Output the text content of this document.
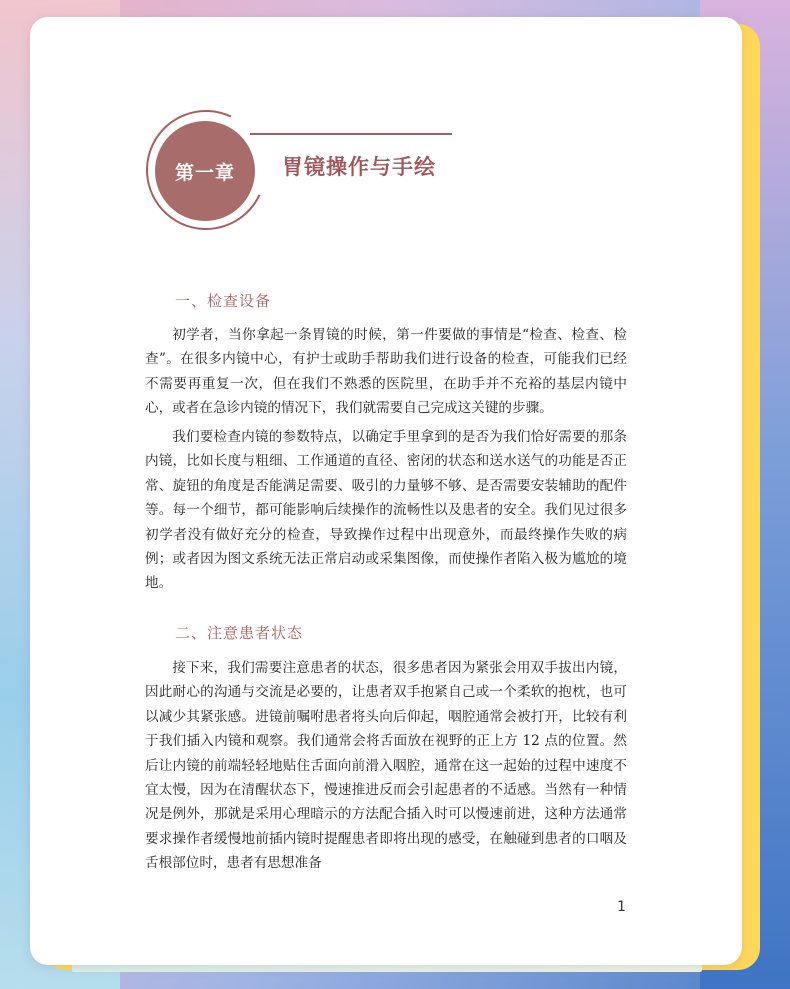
第一章 胃镜操作与手绘
一、检查设备

初学者，当你拿起一条胃镜的时候，第一件要做的事情是“检查、检查、检查”。在很多内镜中心，有护士或助手帮助我们进行设备的检查，可能我们已经不需要再重复一次，但在我们不熟悉的医院里，在助手并不充裕的基层内镜中心，或者在急诊内镜的情况下，我们就需要自己完成这关键的步骤。

我们要检查内镜的参数特点，以确定手里拿到的是否为我们恰好需要的那条内镜，比如长度与粗细、工作通道的直径、密闭的状态和送水送气的功能是否正常、旋钮的角度是否能满足需要、吸引的力量够不够、是否需要安装辅助的配件等。每一个细节，都可能影响后续操作的流畅性以及患者的安全。我们见过很多初学者没有做好充分的检查，导致操作过程中出现意外，而最终操作失败的病例；或者因为图文系统无法正常启动或采集图像，而使操作者陷入极为尴尬的境地。

二、注意患者状态

接下来，我们需要注意患者的状态，很多患者因为紧张会用双手拔出内镜，因此耐心的沟通与交流是必要的，让患者双手抱紧自己或一个柔软的抱枕，也可以减少其紧张感。进镜前嘱咐患者将头向后仰起，咽腔通常会被打开，比较有利于我们插入内镜和观察。我们通常会将舌面放在视野的正上方 12 点的位置。然后让内镜的前端轻轻地贴住舌面向前滑入咽腔，通常在这一起始的过程中速度不宜太慢，因为在清醒状态下，慢速推进反而会引起患者的不适感。当然有一种情况是例外，那就是采用心理暗示的方法配合插入时可以慢速前进，这种方法通常要求操作者缓慢地前插内镜时提醒患者即将出现的感受，在触碰到患者的口咽及舌根部位时，患者有思想准备

1
